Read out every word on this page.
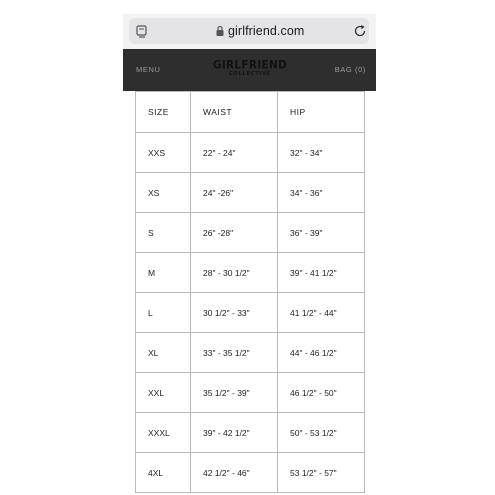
girlfriend.com
MENU	GIRLFRIEND
COLLECTIVE	BAG (0)
SIZE	WAIST	HIP
XXS	22" - 24"	32" - 34"
XS	24" -26"	34" - 36"
S	26" -28"	36" - 39"
M	28" - 30 1/2"	39" - 41 1/2"
L	30 1/2" - 33"	41 1/2" - 44"
XL	33" - 35 1/2"	44" - 46 1/2"
XXL	35 1/2" - 39"	46 1/2" - 50"
XXXL	39" - 42 1/2"	50" - 53 1/2"
4XL	42 1/2" - 46"	53 1/2" - 57"
